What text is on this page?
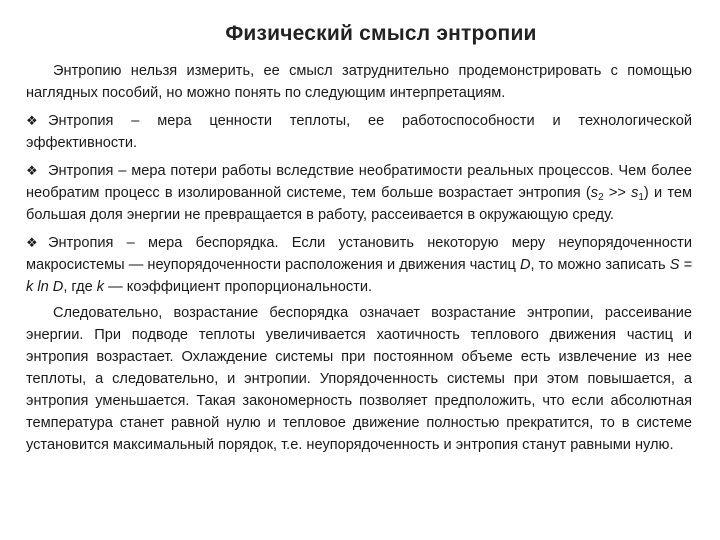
Физический смысл энтропии

Энтропию нельзя измерить, ее смысл затруднительно продемонстрировать с помощью наглядных пособий, но можно понять по следующим интерпретациям.

❖ Энтропия – мера ценности теплоты, ее работоспособности и технологической эффективности.

❖ Энтропия – мера потери работы вследствие необратимости реальных процессов. Чем более необратим процесс в изолированной системе, тем больше возрастает энтропия $(s_2 >> s_1)$ и тем большая доля энергии не превращается в работу, рассеивается в окружающую среду.

❖ Энтропия – мера беспорядка. Если установить некоторую меру неупорядоченности макросистемы — неупорядоченности расположения и движения частиц D, то можно записать S = k ln D, где k — коэффициент пропорциональности.

Следовательно, возрастание беспорядка означает возрастание энтропии, рассеивание энергии. При подводе теплоты увеличивается хаотичность теплового движения частиц и энтропия возрастает. Охлаждение системы при постоянном объеме есть извлечение из нее теплоты, а следовательно, и энтропии. Упорядоченность системы при этом повышается, а энтропия уменьшается. Такая закономерность позволяет предположить, что если абсолютная температура станет равной нулю и тепловое движение полностью прекратится, то в системе установится максимальный порядок, т.е. неупорядоченность и энтропия станут равными нулю.
